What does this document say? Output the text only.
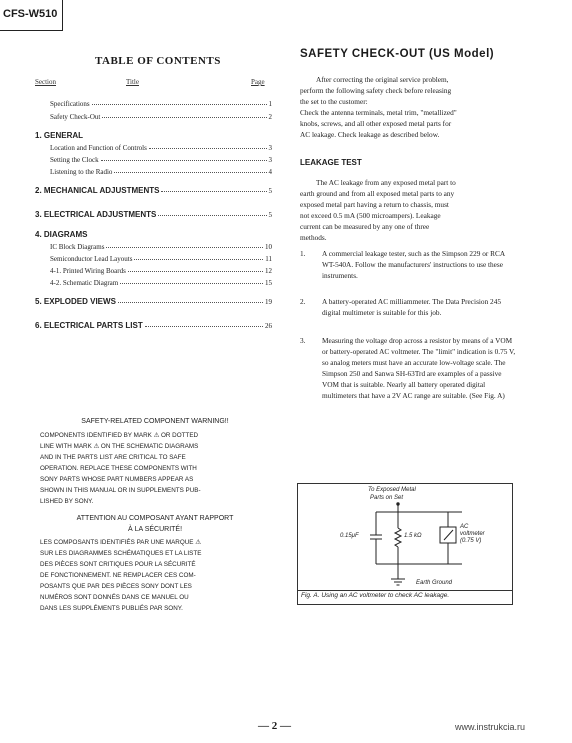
CFS-W510
TABLE OF CONTENTS
Section	Title	Page
Specifications	1
Safety Check-Out	2
1. GENERAL
Location and Function of Controls	3
Setting the Clock	3
Listening to the Radio	4
2. MECHANICAL ADJUSTMENTS	5
3. ELECTRICAL ADJUSTMENTS	5
4. DIAGRAMS
IC Block Diagrams	10
Semiconductor Lead Layouts	11
4-1. Printed Wiring Boards	12
4-2. Schematic Diagram	15
5. EXPLODED VIEWS	19
6. ELECTRICAL PARTS LIST	26
SAFETY-RELATED COMPONENT WARNING!!
COMPONENTS IDENTIFIED BY MARK ⚠ OR DOTTED
LINE WITH MARK ⚠ ON THE SCHEMATIC DIAGRAMS
AND IN THE PARTS LIST ARE CRITICAL TO SAFE
OPERATION. REPLACE THESE COMPONENTS WITH
SONY PARTS WHOSE PART NUMBERS APPEAR AS
SHOWN IN THIS MANUAL OR IN SUPPLEMENTS PUB-
LISHED BY SONY.
ATTENTION AU COMPOSANT AYANT RAPPORT
À LA SÉCURITÉ!
LES COMPOSANTS IDENTIFIÉS PAR UNE MARQUE ⚠
SUR LES DIAGRAMMES SCHÉMATIQUES ET LA LISTE
DES PIÈCES SONT CRITIQUES POUR LA SÉCURITÉ
DE FONCTIONNEMENT. NE REMPLACER CES COM-
POSANTS QUE PAR DES PIÈCES SONY DONT LES
NUMÉROS SONT DONNÉS DANS CE MANUEL OU
DANS LES SUPPLÉMENTS PUBLIÉS PAR SONY.
SAFETY CHECK-OUT (US Model)
After correcting the original service problem,
perform the following safety check before releasing
the set to the customer:
Check the antenna terminals, metal trim, "metallized"
knobs, screws, and all other exposed metal parts for
AC leakage. Check leakage as described below.
LEAKAGE TEST
The AC leakage from any exposed metal part to
earth ground and from all exposed metal parts to any
exposed metal part having a return to chassis, must
not exceed 0.5 mA (500 microampers). Leakage
current can be measured by any one of three
methods.
1. A commercial leakage tester, such as the Simpson 229 or RCA WT-540A. Follow the manufacturers' instructions to use these instruments.
2. A battery-operated AC milliammeter. The Data Precision 245 digital multimeter is suitable for this job.
3. Measuring the voltage drop across a resistor by means of a VOM or battery-operated AC voltmeter. The "limit" indication is 0.75 V, so analog meters must have an accurate low-voltage scale. The Simpson 250 and Sanwa SH-63Trd are examples of a passive VOM that is suitable. Nearly all battery operated digital multimeters that have a 2V AC range are suitable. (See Fig. A)
To Exposed Metal
Parts on Set
0.15μF	1.5 kΩ
AC
voltmeter
(0.75 V)
Earth Ground
Fig. A. Using an AC voltmeter to check AC leakage.
— 2 —	www.instrukcia.ru
